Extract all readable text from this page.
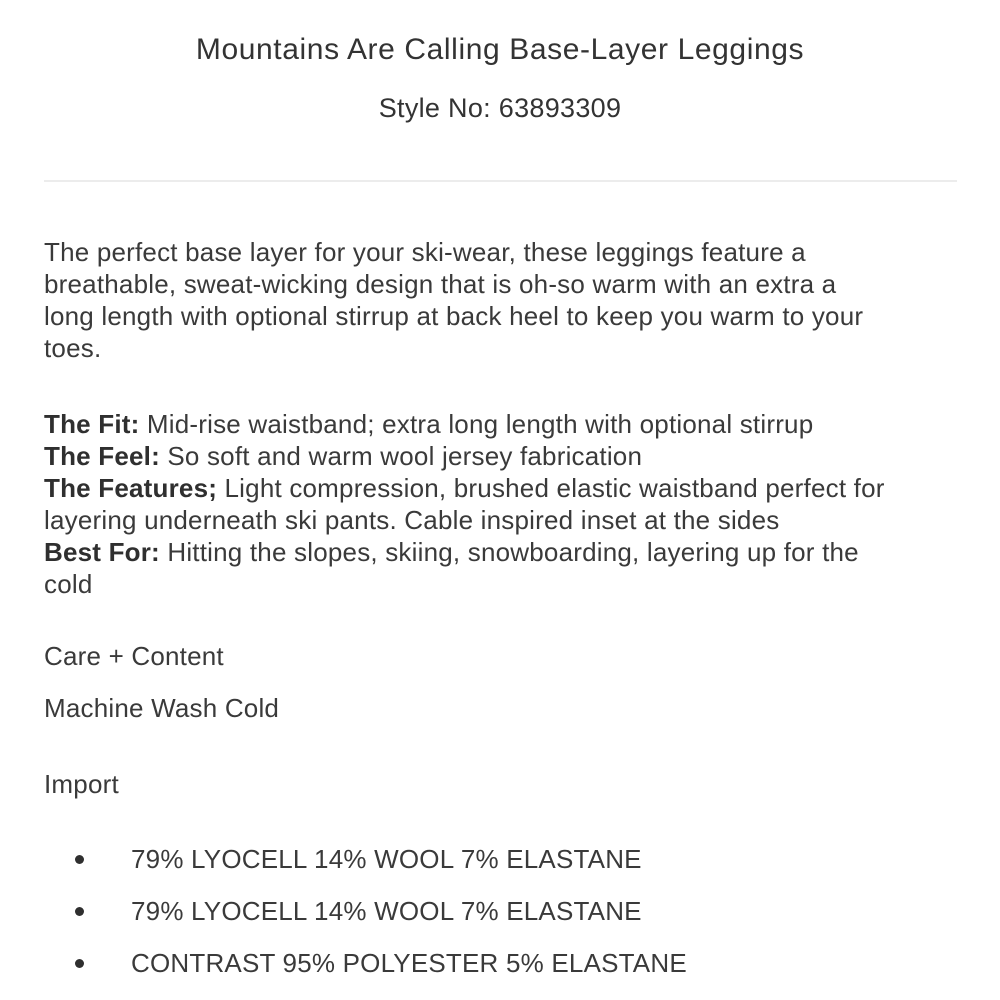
Mountains Are Calling Base-Layer Leggings
Style No: 63893309

The perfect base layer for your ski-wear, these leggings feature a breathable, sweat-wicking design that is oh-so warm with an extra a long length with optional stirrup at back heel to keep you warm to your toes.

The Fit: Mid-rise waistband; extra long length with optional stirrup
The Feel: So soft and warm wool jersey fabrication
The Features; Light compression, brushed elastic waistband perfect for layering underneath ski pants. Cable inspired inset at the sides
Best For: Hitting the slopes, skiing, snowboarding, layering up for the cold
Care + Content
Machine Wash Cold
Import
79% LYOCELL 14% WOOL 7% ELASTANE
79% LYOCELL 14% WOOL 7% ELASTANE
CONTRAST 95% POLYESTER 5% ELASTANE
